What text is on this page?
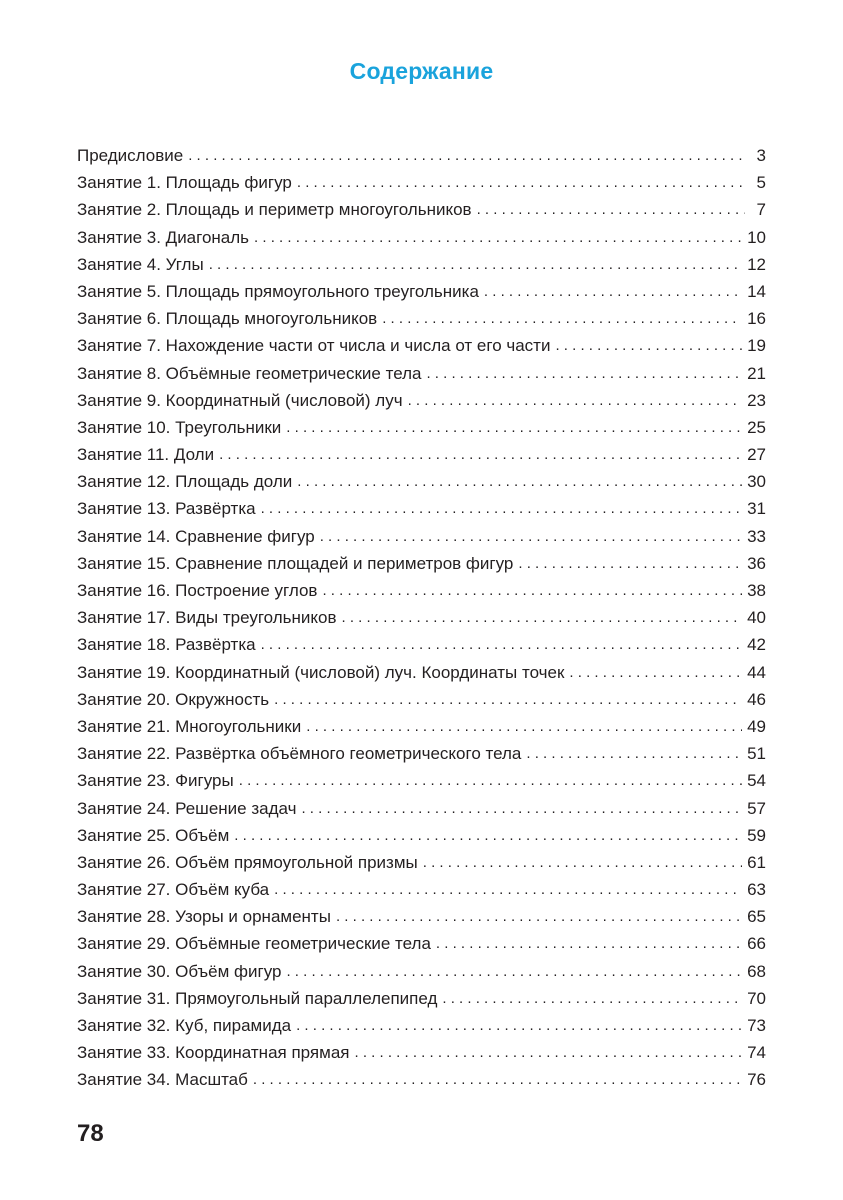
Содержание
Предисловие . . .	3
Занятие 1. Площадь фигур . . .	5
Занятие 2. Площадь и периметр многоугольников . . .	7
Занятие 3. Диагональ . . .	10
Занятие 4. Углы . . .	12
Занятие 5. Площадь прямоугольного треугольника . . .	14
Занятие 6. Площадь многоугольников . . .	16
Занятие 7. Нахождение части от числа и числа от его части . . .	19
Занятие 8. Объёмные геометрические тела . . .	21
Занятие 9. Координатный (числовой) луч . . .	23
Занятие 10. Треугольники . . .	25
Занятие 11. Доли . . .	27
Занятие 12. Площадь доли . . .	30
Занятие 13. Развёртка . . .	31
Занятие 14. Сравнение фигур . . .	33
Занятие 15. Сравнение площадей и периметров фигур . . .	36
Занятие 16. Построение углов . . .	38
Занятие 17. Виды треугольников . . .	40
Занятие 18. Развёртка . . .	42
Занятие 19. Координатный (числовой) луч. Координаты точек . . .	44
Занятие 20. Окружность . . .	46
Занятие 21. Многоугольники . . .	49
Занятие 22. Развёртка объёмного геометрического тела . . .	51
Занятие 23. Фигуры . . .	54
Занятие 24. Решение задач . . .	57
Занятие 25. Объём . . .	59
Занятие 26. Объём прямоугольной призмы . . .	61
Занятие 27. Объём куба . . .	63
Занятие 28. Узоры и орнаменты . . .	65
Занятие 29. Объёмные геометрические тела . . .	66
Занятие 30. Объём фигур . . .	68
Занятие 31. Прямоугольный параллелепипед . . .	70
Занятие 32. Куб, пирамида . . .	73
Занятие 33. Координатная прямая . . .	74
Занятие 34. Масштаб . . .	76
78
